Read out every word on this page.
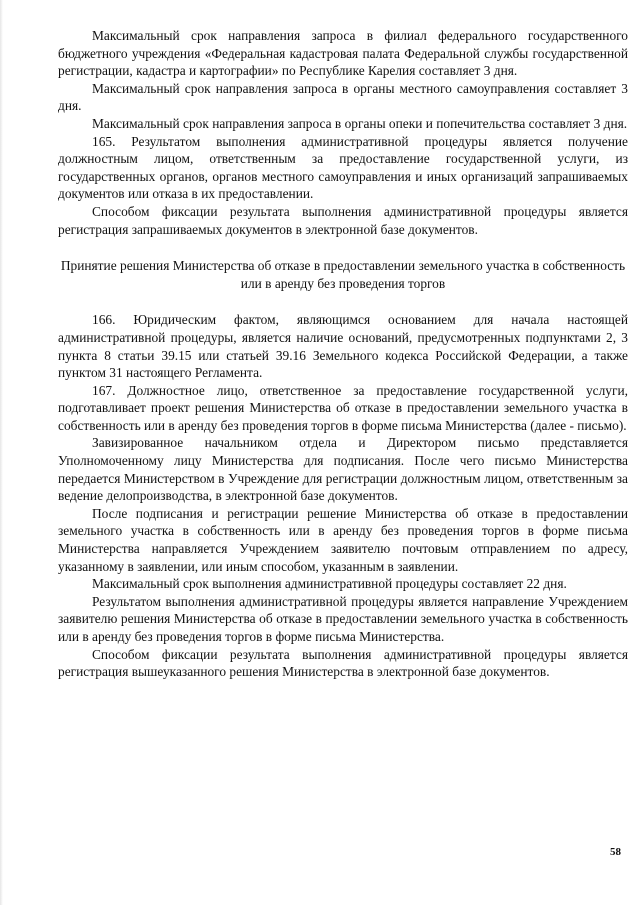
Максимальный срок направления запроса в филиал федерального государственного бюджетного учреждения «Федеральная кадастровая палата Федеральной службы государственной регистрации, кадастра и картографии» по Республике Карелия составляет 3 дня.

Максимальный срок направления запроса в органы местного самоуправления составляет 3 дня.

Максимальный срок направления запроса в органы опеки и попечительства составляет 3 дня.

165. Результатом выполнения административной процедуры является получение должностным лицом, ответственным за предоставление государственной услуги, из государственных органов, органов местного самоуправления и иных организаций запрашиваемых документов или отказа в их предоставлении.

Способом фиксации результата выполнения административной процедуры является регистрация запрашиваемых документов в электронной базе документов.

Принятие решения Министерства об отказе в предоставлении земельного участка в собственность или в аренду без проведения торгов

166. Юридическим фактом, являющимся основанием для начала настоящей административной процедуры, является наличие оснований, предусмотренных подпунктами 2, 3 пункта 8 статьи 39.15 или статьей 39.16 Земельного кодекса Российской Федерации, а также пунктом 31 настоящего Регламента.

167. Должностное лицо, ответственное за предоставление государственной услуги, подготавливает проект решения Министерства об отказе в предоставлении земельного участка в собственность или в аренду без проведения торгов в форме письма Министерства (далее - письмо).

Завизированное начальником отдела и Директором письмо представляется Уполномоченному лицу Министерства для подписания. После чего письмо Министерства передается Министерством в Учреждение для регистрации должностным лицом, ответственным за ведение делопроизводства, в электронной базе документов.

После подписания и регистрации решение Министерства об отказе в предоставлении земельного участка в собственность или в аренду без проведения торгов в форме письма Министерства направляется Учреждением заявителю почтовым отправлением по адресу, указанному в заявлении, или иным способом, указанным в заявлении.

Максимальный срок выполнения административной процедуры составляет 22 дня.

Результатом выполнения административной процедуры является направление Учреждением заявителю решения Министерства об отказе в предоставлении земельного участка в собственность или в аренду без проведения торгов в форме письма Министерства.

Способом фиксации результата выполнения административной процедуры является регистрация вышеуказанного решения Министерства в электронной базе документов.

58
